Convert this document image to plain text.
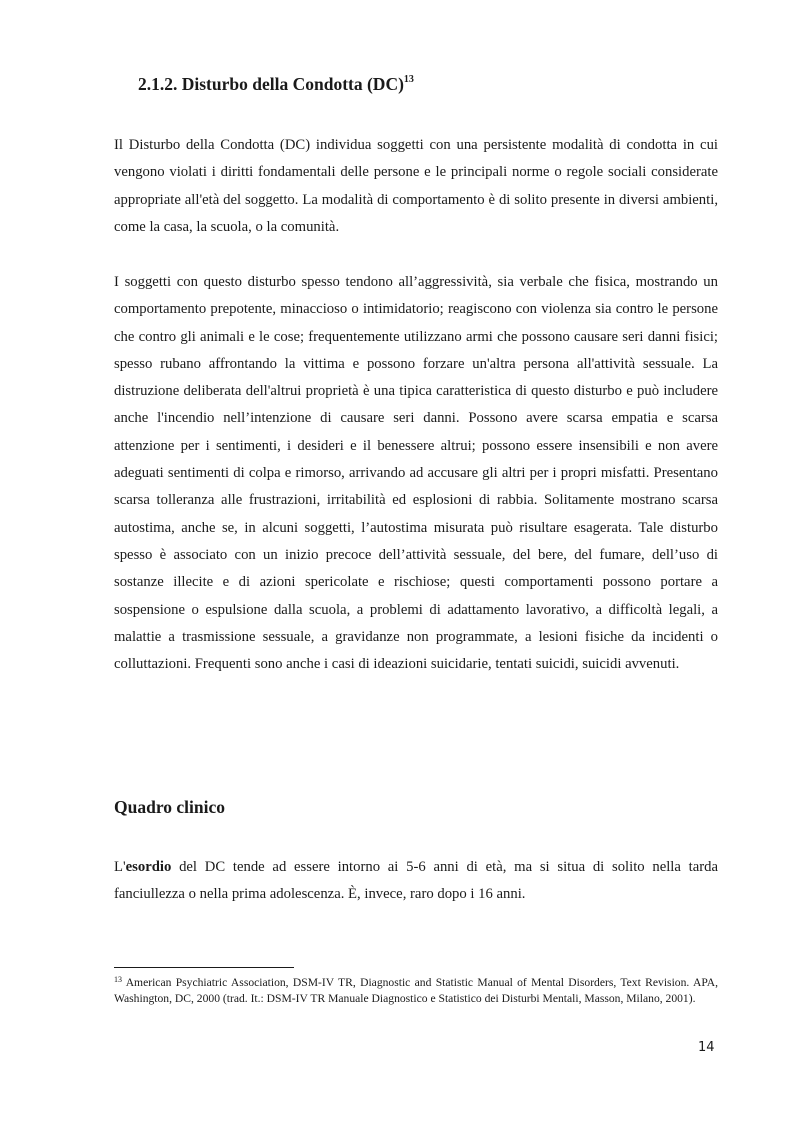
2.1.2. Disturbo della Condotta (DC)$^{13}$

Il Disturbo della Condotta (DC) individua soggetti con una persistente modalità di condotta in cui vengono violati i diritti fondamentali delle persone e le principali norme o regole sociali considerate appropriate all'età del soggetto. La modalità di comportamento è di solito presente in diversi ambienti, come la casa, la scuola, o la comunità.

I soggetti con questo disturbo spesso tendono all’aggressività, sia verbale che fisica, mostrando un comportamento prepotente, minaccioso o intimidatorio; reagiscono con violenza sia contro le persone che contro gli animali e le cose; frequentemente utilizzano armi che possono causare seri danni fisici; spesso rubano affrontando la vittima e possono forzare un'altra persona all'attività sessuale. La distruzione deliberata dell'altrui proprietà è una tipica caratteristica di questo disturbo e può includere anche l'incendio nell’intenzione di causare seri danni. Possono avere scarsa empatia e scarsa attenzione per i sentimenti, i desideri e il benessere altrui; possono essere insensibili e non avere adeguati sentimenti di colpa e rimorso, arrivando ad accusare gli altri per i propri misfatti. Presentano scarsa tolleranza alle frustrazioni, irritabilità ed esplosioni di rabbia. Solitamente mostrano scarsa autostima, anche se, in alcuni soggetti, l’autostima misurata può risultare esagerata. Tale disturbo spesso è associato con un inizio precoce dell’attività sessuale, del bere, del fumare, dell’uso di sostanze illecite e di azioni spericolate e rischiose; questi comportamenti possono portare a sospensione o espulsione dalla scuola, a problemi di adattamento lavorativo, a difficoltà legali, a malattie a trasmissione sessuale, a gravidanze non programmate, a lesioni fisiche da incidenti o colluttazioni. Frequenti sono anche i casi di ideazioni suicidarie, tentati suicidi, suicidi avvenuti.

Quadro clinico

L'esordio del DC tende ad essere intorno ai 5-6 anni di età, ma si situa di solito nella tarda fanciullezza o nella prima adolescenza. È, invece, raro dopo i 16 anni.

$^{13}$ American Psychiatric Association, DSM-IV TR, Diagnostic and Statistic Manual of Mental Disorders, Text Revision. APA, Washington, DC, 2000 (trad. It.: DSM-IV TR Manuale Diagnostico e Statistico dei Disturbi Mentali, Masson, Milano, 2001).

14
